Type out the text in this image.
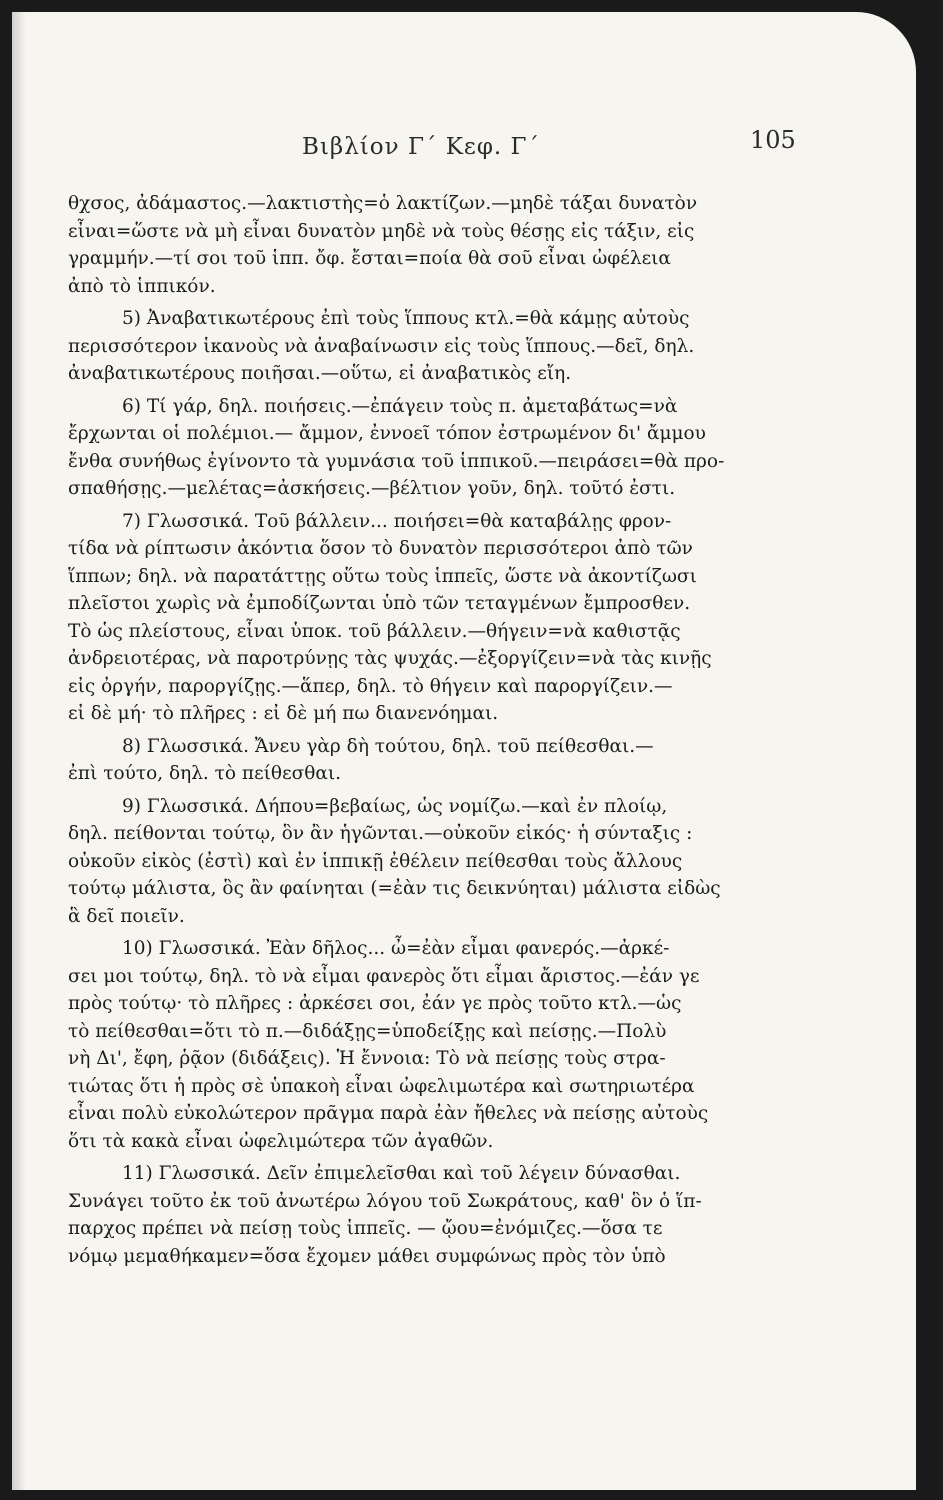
Βιβλίον Γ΄ Κεφ. Γ΄	105
θχσος, ἀδάμαστος.—λακτιστὴς=ὁ λακτίζων.—μηδὲ τάξαι δυνατὸν
εἶναι=ὥστε νὰ μὴ εἶναι δυνατὸν μηδὲ νὰ τοὺς θέσῃς εἰς τάξιν, εἰς
γραμμήν.—τί σοι τοῦ ἱππ. ὄφ. ἔσται=ποία θὰ σοῦ εἶναι ὠφέλεια
ἀπὸ τὸ ἱππικόν.
5) Ἀναβατικωτέρους ἐπὶ τοὺς ἵππους κτλ.=θὰ κάμῃς αὐτοὺς
περισσότερον ἱκανοὺς νὰ ἀναβαίνωσιν εἰς τοὺς ἵππους.—δεῖ, δηλ.
ἀναβατικωτέρους ποιῆσαι.—οὕτω, εἰ ἀναβατικὸς εἴη.
6) Τί γάρ, δηλ. ποιήσεις.—ἐπάγειν τοὺς π. ἀμεταβάτως=νὰ
ἔρχωνται οἱ πολέμιοι.— ἄμμον, ἐννοεῖ τόπον ἐστρωμένον δι' ἄμμου
ἔνθα συνήθως ἐγίνοντο τὰ γυμνάσια τοῦ ἱππικοῦ.—πειράσει=θὰ προ-
σπαθήσῃς.—μελέτας=ἀσκήσεις.—βέλτιον γοῦν, δηλ. τοῦτό ἐστι.
7) Γλωσσικά. Τοῦ βάλλειν... ποιήσει=θὰ καταβάλῃς φρον-
τίδα νὰ ρίπτωσιν ἀκόντια ὅσον τὸ δυνατὸν περισσότεροι ἀπὸ τῶν
ἵππων; δηλ. νὰ παρατάττῃς οὕτω τοὺς ἱππεῖς, ὥστε νὰ ἀκοντίζωσι
πλεῖστοι χωρὶς νὰ ἐμποδίζωνται ὑπὸ τῶν τεταγμένων ἔμπροσθεν.
Τὸ ὡς πλείστους, εἶναι ὑποκ. τοῦ βάλλειν.—θήγειν=νὰ καθιστᾷς
ἀνδρειοτέρας, νὰ παροτρύνῃς τὰς ψυχάς.—ἐξοργίζειν=νὰ τὰς κινῇς
εἰς ὀργήν, παροργίζῃς.—ἅπερ, δηλ. τὸ θήγειν καὶ παροργίζειν.—
εἰ δὲ μή· τὸ πλῆρες : εἰ δὲ μή πω διανενόημαι.
8) Γλωσσικά. Ἄνευ γὰρ δὴ τούτου, δηλ. τοῦ πείθεσθαι.—
ἐπὶ τούτο, δηλ. τὸ πείθεσθαι.
9) Γλωσσικά. Δήπου=βεβαίως, ὡς νομίζω.—καὶ ἐν πλοίῳ,
δηλ. πείθονται τούτῳ, ὃν ἂν ἡγῶνται.—οὐκοῦν εἰκός· ἡ σύνταξις :
οὐκοῦν εἰκὸς (ἐστὶ) καὶ ἐν ἱππικῇ ἐθέλειν πείθεσθαι τοὺς ἄλλους
τούτῳ μάλιστα, ὃς ἂν φαίνηται (=ἐὰν τις δεικνύηται) μάλιστα εἰδὼς
ἃ δεῖ ποιεῖν.
10) Γλωσσικά. Ἐὰν δῆλος... ὦ=ἐὰν εἶμαι φανερός.—ἀρκέ-
σει μοι τούτῳ, δηλ. τὸ νὰ εἶμαι φανερὸς ὅτι εἶμαι ἄριστος.—ἐάν γε
πρὸς τούτῳ· τὸ πλῆρες : ἀρκέσει σοι, ἐάν γε πρὸς τοῦτο κτλ.—ὡς
τὸ πείθεσθαι=ὅτι τὸ π.—διδάξῃς=ὑποδείξῃς καὶ πείσῃς.—Πολὺ
νὴ Δι', ἔφη, ῥᾷον (διδάξεις). Ἡ ἔννοια: Τὸ νὰ πείσῃς τοὺς στρα-
τιώτας ὅτι ἡ πρὸς σὲ ὑπακοὴ εἶναι ὠφελιμωτέρα καὶ σωτηριωτέρα
εἶναι πολὺ εὐκολώτερον πρᾶγμα παρὰ ἐὰν ἤθελες νὰ πείσῃς αὐτοὺς
ὅτι τὰ κακὰ εἶναι ὠφελιμώτερα τῶν ἀγαθῶν.
11) Γλωσσικά. Δεῖν ἐπιμελεῖσθαι καὶ τοῦ λέγειν δύνασθαι.
Συνάγει τοῦτο ἐκ τοῦ ἀνωτέρω λόγου τοῦ Σωκράτους, καθ' ὃν ὁ ἵπ-
παρχος πρέπει νὰ πείσῃ τοὺς ἱππεῖς. — ᾤου=ἐνόμιζες.—ὅσα τε
νόμῳ μεμαθήκαμεν=ὅσα ἔχομεν μάθει συμφώνως πρὸς τὸν ὑπὸ
